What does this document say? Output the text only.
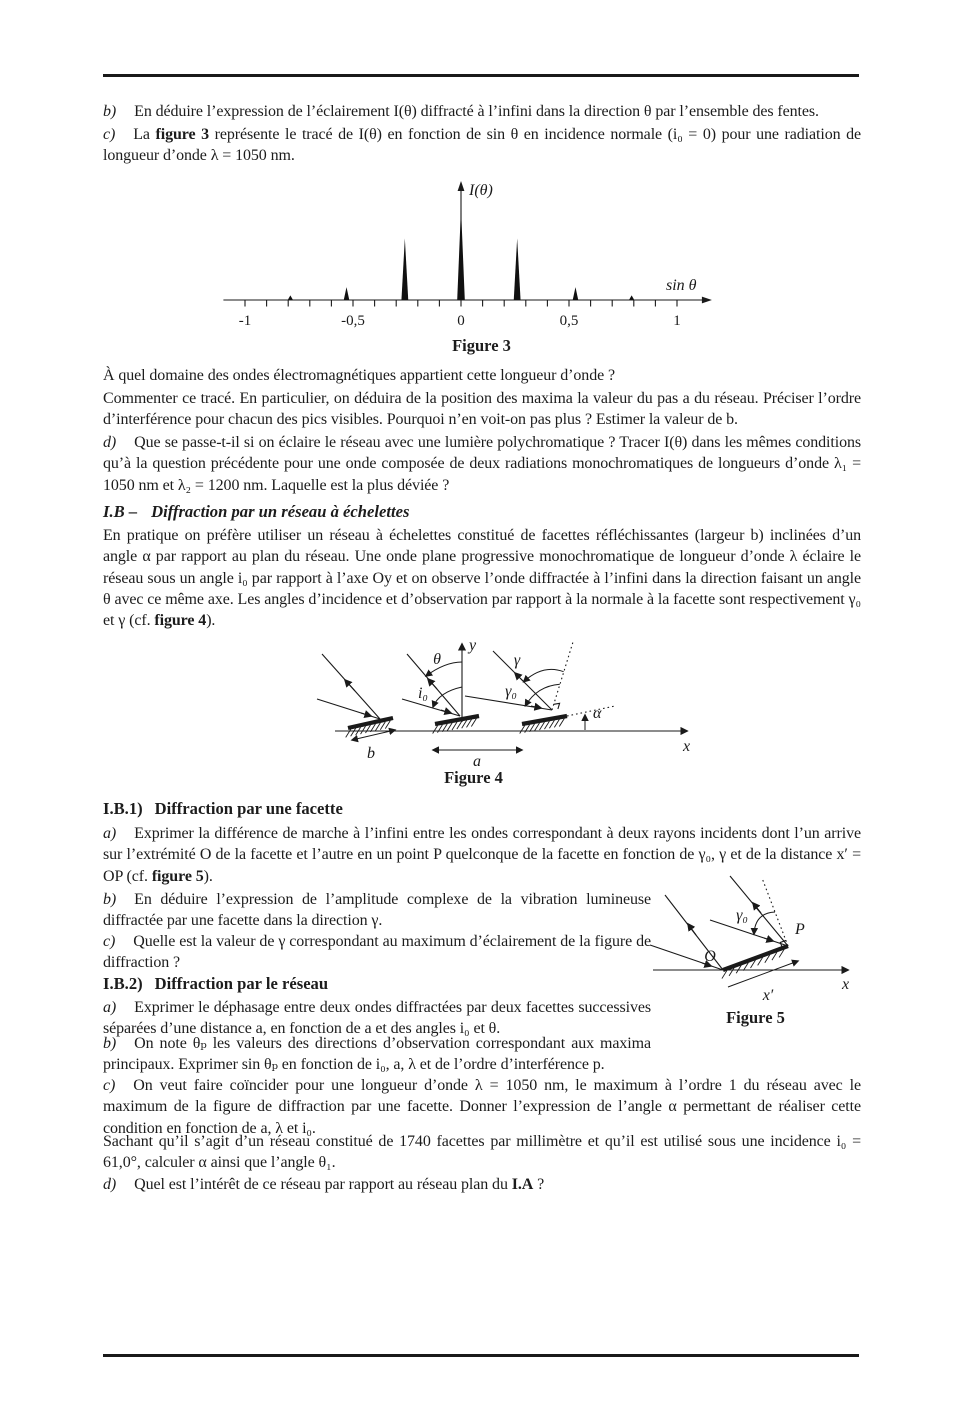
b) En déduire l’expression de l’éclairement I(θ) diffracté à l’infini dans la direction θ par l’ensemble des fentes.
c) La figure 3 représente le tracé de I(θ) en fonction de sin θ en incidence normale (i₀ = 0) pour une radiation de longueur d’onde λ = 1050 nm.
-1	-0,5	0	0,5	1
I(θ)
sin θ
Figure 3
À quel domaine des ondes électromagnétiques appartient cette longueur d’onde ?
Commenter ce tracé. En particulier, on déduira de la position des maxima la valeur du pas a du réseau. Préciser l’ordre d’interférence pour chacun des pics visibles. Pourquoi n’en voit-on pas plus ? Estimer la valeur de b.
d) Que se passe-t-il si on éclaire le réseau avec une lumière polychromatique ? Tracer I(θ) dans les mêmes conditions qu’à la question précédente pour une onde composée de deux radiations monochromatiques de longueurs d’onde λ₁ = 1050 nm et λ₂ = 1200 nm. Laquelle est la plus déviée ?
I.B – Diffraction par un réseau à échelettes
En pratique on préfère utiliser un réseau à échelettes constitué de facettes réfléchissantes (largeur b) inclinées d’un angle α par rapport au plan du réseau. Une onde plane progressive monochromatique de longueur d’onde λ éclaire le réseau sous un angle i₀ par rapport à l’axe Oy et on observe l’onde diffractée à l’infini dans la direction faisant un angle θ avec ce même axe. Les angles d’incidence et d’observation par rapport à la normale à la facette sont respectivement γ₀ et γ (cf. figure 4).
x
y
θ
i₀
γ
γ₀
α
b	a
Figure 4
I.B.1) Diffraction par une facette
a) Exprimer la différence de marche à l’infini entre les ondes correspondant à deux rayons incidents dont l’un arrive sur l’extrémité O de la facette et l’autre en un point P quelconque de la facette en fonction de γ₀, γ et de la distance x′ = OP (cf. figure 5).
b) En déduire l’expression de l’amplitude complexe de la vibration lumineuse diffractée par une facette dans la direction γ.
c) Quelle est la valeur de γ correspondant au maximum d’éclairement de la figure de diffraction ?
I.B.2) Diffraction par le réseau
a) Exprimer le déphasage entre deux ondes diffractées par deux facettes successives séparées d’une distance a, en fonction de a et des angles i₀ et θ.
b) On note θₚ les valeurs des directions d’observation correspondant aux maxima principaux. Exprimer sin θₚ en fonction de i₀, a, λ et de l’ordre d’interférence p.
c) On veut faire coïncider pour une longueur d’onde λ = 1050 nm, le maximum à l’ordre 1 du réseau avec le maximum de la figure de diffraction par une facette. Donner l’expression de l’angle α permettant de réaliser cette condition en fonction de a, λ et i₀.
Sachant qu’il s’agit d’un réseau constitué de 1740 facettes par millimètre et qu’il est utilisé sous une incidence i₀ = 61,0°, calculer α ainsi que l’angle θ₁.
d) Quel est l’intérêt de ce réseau par rapport au réseau plan du I.A ?
x
x′
γ₀
O
P
Figure 5
